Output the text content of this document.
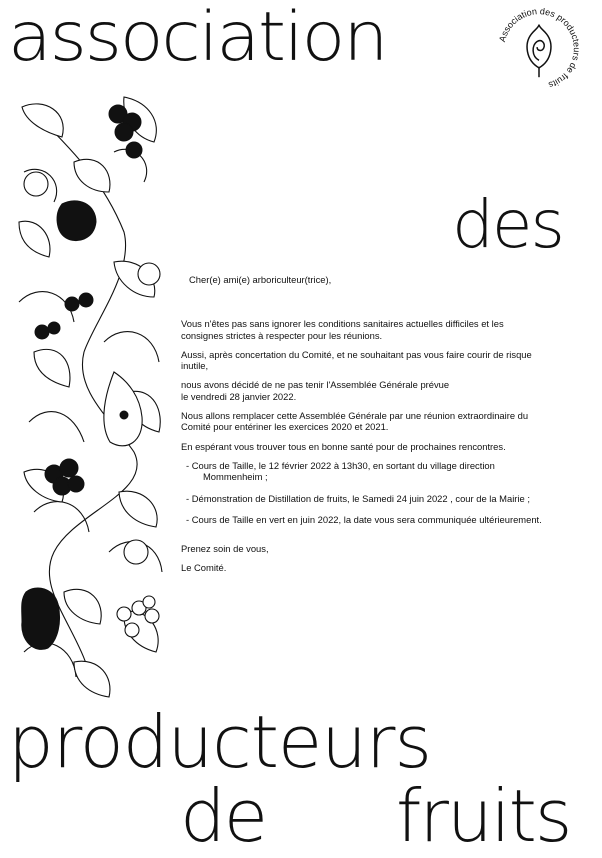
association	Association des producteurs de fruits
des

Cher(e) ami(e) arboriculteur(trice),

Vous n'êtes pas sans ignorer les conditions sanitaires actuelles difficiles et les

consignes strictes à respecter pour les réunions.

Aussi, après concertation du Comité, et ne souhaitant pas vous faire courir de risque

inutile,

nous avons décidé de ne pas tenir l'Assemblée Générale prévue

le vendredi 28 janvier 2022.

Nous allons remplacer cette Assemblée Générale par une réunion extraordinaire du

Comité pour entériner les exercices 2020 et 2021.

En espérant vous trouver tous en bonne santé pour de prochaines rencontres.

- Cours de Taille, le 12 février 2022 à 13h30, en sortant du village direction

Mommenheim ;

- Démonstration de Distillation de fruits, le Samedi 24 juin 2022 , cour de la Mairie ;

- Cours de Taille en vert en juin 2022, la date vous sera communiquée ultérieurement.

Prenez soin de vous,

Le Comité.

producteurs
de fruits
